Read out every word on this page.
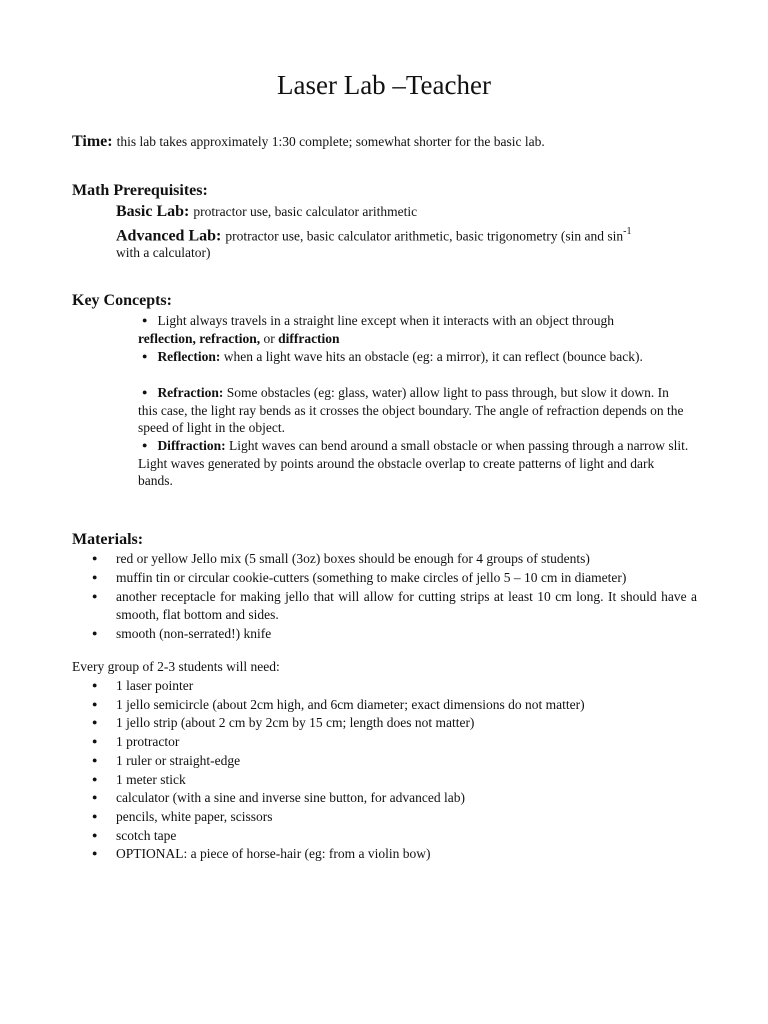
Laser Lab –Teacher
Time: this lab takes approximately 1:30 complete; somewhat shorter for the basic lab.
Math Prerequisites:
Basic Lab: protractor use, basic calculator arithmetic
Advanced Lab: protractor use, basic calculator arithmetic, basic trigonometry (sin and $\sin^{-1}$
with a calculator)
Key Concepts:
● Light always travels in a straight line except when it interacts with an object through
reflection, refraction, or diffraction
● Reflection: when a light wave hits an obstacle (eg: a mirror), it can reflect (bounce back).
● Refraction: Some obstacles (eg: glass, water) allow light to pass through, but slow it down. In this case, the light ray bends as it crosses the object boundary. The angle of refraction depends on the speed of light in the object.
● Diffraction: Light waves can bend around a small obstacle or when passing through a narrow slit. Light waves generated by points around the obstacle overlap to create patterns of light and dark bands.
Materials:
● red or yellow Jello mix (5 small (3oz) boxes should be enough for 4 groups of students)
● muffin tin or circular cookie-cutters (something to make circles of jello 5 – 10 cm in diameter)
● another receptacle for making jello that will allow for cutting strips at least 10 cm long. It should have a smooth, flat bottom and sides.
● smooth (non-serrated!) knife
Every group of 2-3 students will need:
● 1 laser pointer
● 1 jello semicircle (about 2cm high, and 6cm diameter; exact dimensions do not matter)
● 1 jello strip (about 2 cm by 2cm by 15 cm; length does not matter)
● 1 protractor
● 1 ruler or straight-edge
● 1 meter stick
● calculator (with a sine and inverse sine button, for advanced lab)
● pencils, white paper, scissors
● scotch tape
● OPTIONAL: a piece of horse-hair (eg: from a violin bow)
